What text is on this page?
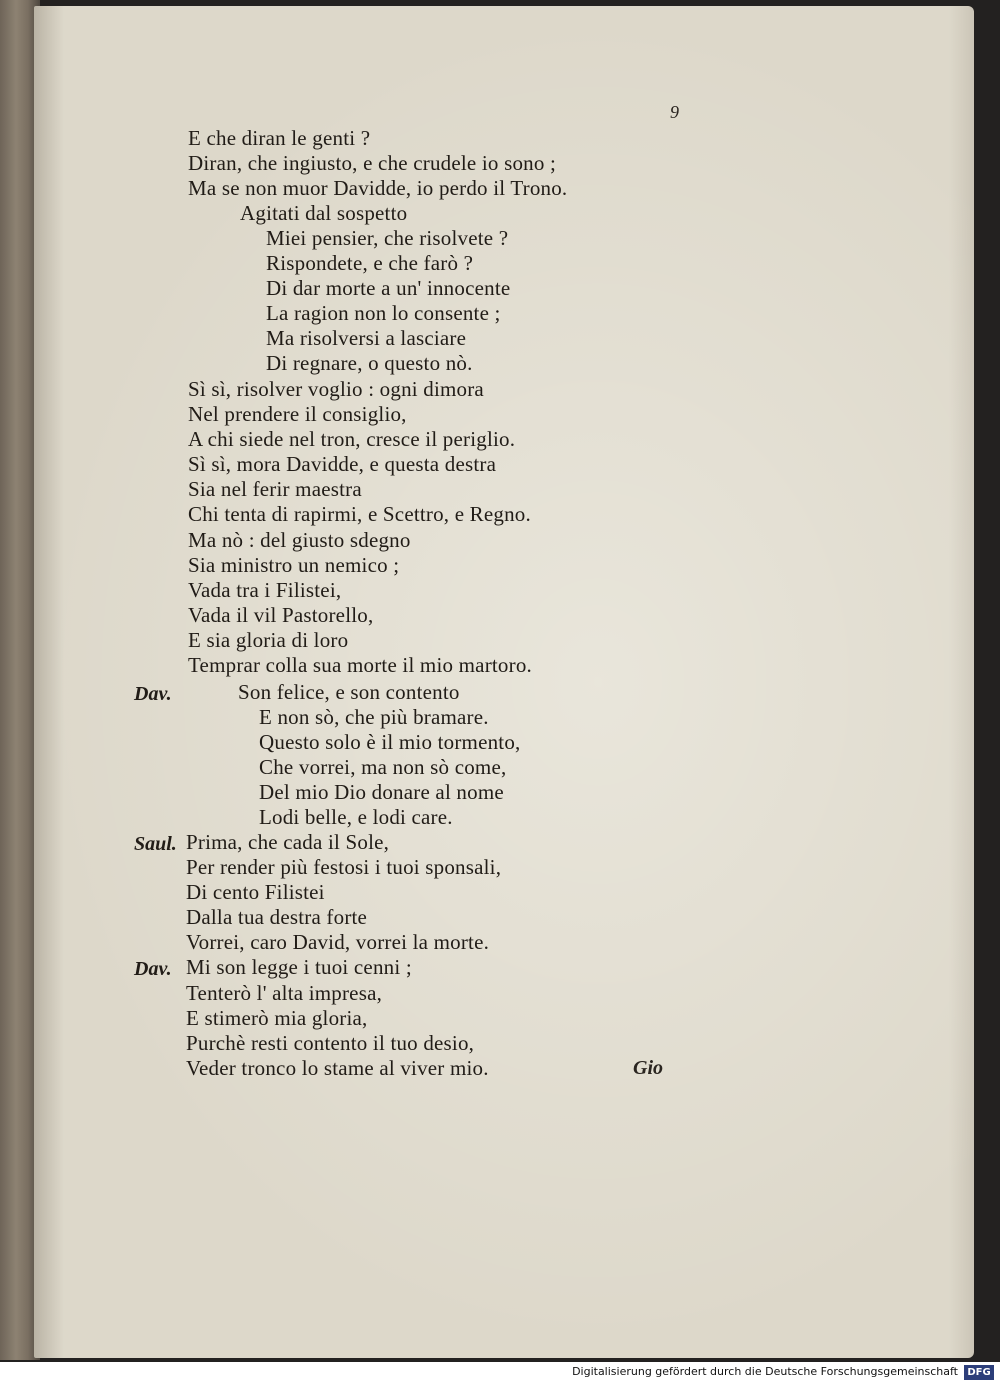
9
E che diran le genti ?
Diran, che ingiusto, e che crudele io sono ;
Ma se non muor Davidde, io perdo il Trono.
Agitati dal sospetto
Miei pensier, che risolvete ?
Rispondete, e che farò ?
Di dar morte a un' innocente
La ragion non lo consente ;
Ma risolversi a lasciare
Di regnare, o questo nò.
Sì sì, risolver voglio : ogni dimora
Nel prendere il consiglio,
A chi siede nel tron, cresce il periglio.
Sì sì, mora Davidde, e questa destra
Sia nel ferir maestra
Chi tenta di rapirmi, e Scettro, e Regno.
Ma nò : del giusto sdegno
Sia ministro un nemico ;
Vada tra i Filistei,
Vada il vil Pastorello,
E sia gloria di loro
Temprar colla sua morte il mio martoro.
Son felice, e son contento
E non sò, che più bramare.
Questo solo è il mio tormento,
Che vorrei, ma non sò come,
Del mio Dio donare al nome
Lodi belle, e lodi care.
Prima, che cada il Sole,
Per render più festosi i tuoi sponsali,
Di cento Filistei
Dalla tua destra forte
Vorrei, caro David, vorrei la morte.
Mi son legge i tuoi cenni ;
Tenterò l' alta impresa,
E stimerò mia gloria,
Purchè resti contento il tuo desio,
Veder tronco lo stame al viver mio.
Dav.
Saul.
Dav.
Gio
Digitalisierung gefördert durch die Deutsche Forschungsgemeinschaft DFG
